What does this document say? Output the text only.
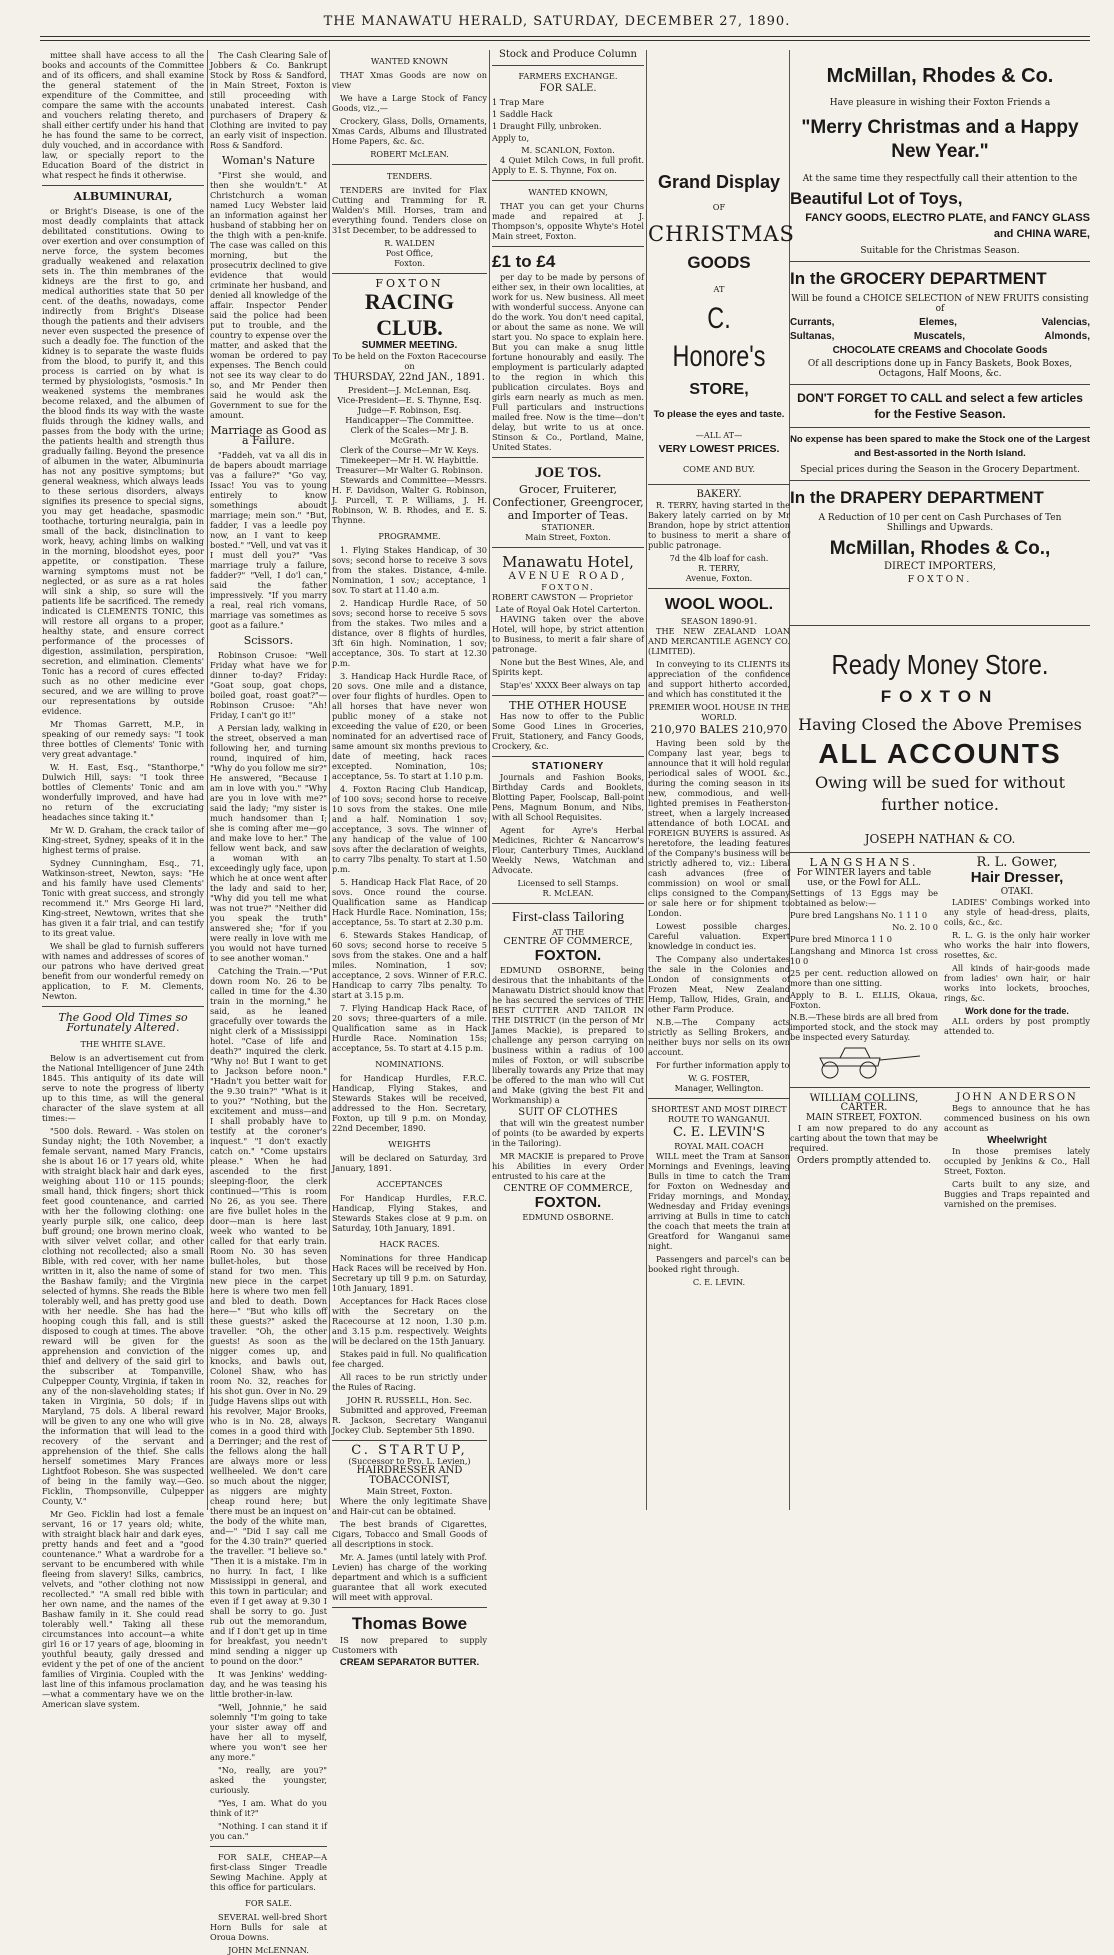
THE MANAWATU HERALD, SATURDAY, DECEMBER 27, 1890.

mittee shall have access to all the books and accounts of the Committee and of its officers, and shall examine the general statement of the expenditure of the Committee, and compare the same with the accounts and vouchers relating thereto, and shall either certify under his hand that he has found the same to be correct, duly vouched, and in accordance with law, or specially report to the Education Board of the district in what respect he finds it otherwise.

ALBUMINURAI,

or Bright's Disease, is one of the most deadly complaints that attack debilitated constitutions. Owing to over exertion and over consumption of nerve force, the system becomes gradually weakened and relaxation sets in. The thin membranes of the kidneys are the first to go, and medical authorities state that 50 per cent. of the deaths, nowadays, come indirectly from Bright's Disease though the patients and their advisers never even suspected the presence of such a deadly foe. The function of the kidney is to separate the waste fluids from the blood, to purify it, and this process is carried on by what is termed by physiologists, "osmosis." In weakened systems the membranes become relaxed, and the albumen of the blood finds its way with the waste fluids through the kidney walls, and passes from the body with the urine; the patients health and strength thus gradually failing. Beyond the presence of albumen in the water, Albuminuria has not any positive symptoms; but general weakness, which always leads to these serious disorders, always signifies its presence to special signs, you may get headache, spasmodic toothache, torturing neuralgia, pain in small of the back, disinclination to work, heavy, aching limbs on walking in the morning, bloodshot eyes, poor appetite, or constipation. These warning symptoms must not be neglected, or as sure as a rat holes will sink a ship, so sure will the patients life be sacrificed. The remedy indicated is CLEMENTS TONIC, this will restore all organs to a proper, healthy state, and ensure correct performance of the processes of digestion, assimilation, perspiration, secretion, and elimination. Clements' Tonic has a record of cures effected such as no other medicine ever secured, and we are willing to prove our representations by outside evidence.

Mr Thomas Garrett, M.P., in speaking of our remedy says: "I took three bottles of Clements' Tonic with very great advantage."

W. H. East, Esq., "Stanthorpe," Dulwich Hill, says: "I took three bottles of Clements' Tonic and am wonderfully improved, and have had no return of the excruciating headaches since taking it."

Mr W. D. Graham, the crack tailor of King-street, Sydney, speaks of it in the highest terms of praise.

Sydney Cunningham, Esq., 71, Watkinson-street, Newton, says: "He and his family have used Clements' Tonic with great success, and strongly recommend it." Mrs George Hi lard, King-street, Newtown, writes that she has given it a fair trial, and can testify to its great value.

We shall be glad to furnish sufferers with names and addresses of scores of our patrons who have derived great benefit from our wonderful remedy on application, to F. M. Clements, Newton.

The Good Old Times so Fortunately Altered.
THE WHITE SLAVE.

Below is an advertisement cut from the National Intelligencer of June 24th 1845. This antiquity of its date will serve to note the progress of liberty up to this time, as will the general character of the slave system at all times:—

"500 dols. Reward. - Was stolen on Sunday night; the 10th November, a female servant, named Mary Francis, she is about 16 or 17 years old, white with straight black hair and dark eyes, weighing about 110 or 115 pounds; small hand, thick fingers; short thick feet good countenance, and carried with her the following clothing: one yearly purple silk, one calico, deep buff ground; one brown merino cloak, with silver velvet collar, and other clothing not recollected; also a small Bible, with red cover, with her name written in it, also the name of some of the Bashaw family; and the Virginia selected of hymns. She reads the Bible tolerably well, and has pretty good use with her needle. She has had the hooping cough this fall, and is still disposed to cough at times. The above reward will be given for the apprehension and conviction of the thief and delivery of the said girl to the subscriber at Tompanville, Culpepper County, Virginia, if taken in any of the non-slaveholding states; if taken in Virginia, 50 dols; if in Maryland, 75 dols. A liberal reward will be given to any one who will give the information that will lead to the recovery of the servant and apprehension of the thief. She calls herself sometimes Mary Frances Lightfoot Robeson. She was suspected of being in the family way.—Geo. Ficklin, Thompsonville, Culpepper County, V."

Mr Geo. Ficklin had lost a female servant, 16 or 17 years old; white, with straight black hair and dark eyes, pretty hands and feet and a "good countenance." What a wardrobe for a servant to be encumbered with while fleeing from slavery! Silks, cambrics, velvets, and "other clothing not now recollected." "A small red bible with her own name, and the names of the Bashaw family in it. She could read tolerably well." Taking all these circumstances into account—a white girl 16 or 17 years of age, blooming in youthful beauty, gaily dressed and evident y the pet of one of the ancient families of Virginia. Coupled with the last line of this infamous proclamation—what a commentary have we on the American slave system.

The Cash Clearing Sale of Jobbers & Co. Bankrupt Stock by Ross & Sandford, in Main Street, Foxton is still proceeding with unabated interest. Cash purchasers of Drapery & Clothing are invited to pay an early visit of inspection. Ross & Sandford.

Woman's Nature

"First she would, and then she wouldn't." At Christchurch a woman named Lucy Webster laid an information against her husband of stabbing her on the thigh with a pen-knife. The case was called on this morning, but the prosecutrix declined to give evidence that would criminate her husband, and denied all knowledge of the affair. Inspector Pender said the police had been put to trouble, and the country to expense over the matter, and asked that the woman be ordered to pay expenses. The Bench could not see its way clear to do so, and Mr Pender then said he would ask the Government to sue for the amount.

Marriage as Good as a Failure.

"Faddeh, vat va all dis in de bapers aboudt marriage vas a failure?" "Go vay, Issac! You vas to young entirely to know somethings aboudt marriage; mein son." "But, fadder, I vas a leedle poy now, an I vant to keep bosted." "Vell, und vat vas it I must dell you?" "Vas marriage truly a failure, fadder?" "Vell, I do'l can," said the father impressively. "If you marry a real, real rich vomans, marriage vas sometimes as goot as a failure."

Scissors.

Robinson Crusoe: "Well Friday what have we for dinner to-day? Friday: "Goat soup, goat chops, boiled goat, roast goat?"—Robinson Crusoe: "Ah! Friday, I can't go it!"

A Persian lady, walking in the street, observed a man following her, and turning round, inquired of him, "Why do you follow me sir?" He answered, "Because I am in love with you." "Why are you in love with me?" said the lady; "my sister is much handsomer than I; she is coming after me—go and make love to her." The fellow went back, and saw a woman with an exceedingly ugly face, upon which he at once went after the lady and said to her, "Why did you tell me what was not true?" "Neither did you speak the truth" answered she; "for if you were really in love with me you would not have turned to see another woman."

Catching the Train.—"Put down room No. 26 to be called in time for the 4.30 train in the morning," he said, as he leaned gracefully over towards the night clerk of a Mississippi hotel. "Case of life and death?" inquired the clerk. "Why no! But I want to get to Jackson before noon." "Hadn't you better wait for the 9.30 train?" "What is it to you?" "Nothing, but the excitement and muss—and I shall probably have to testify at the coroner's inquest." "I don't exactly catch on." "Come upstairs please." When he had ascended to the first sleeping-floor, the clerk continued—"This is room No 26, as you see. There are five bullet holes in the door—man is here last week who wanted to be called for that early train. Room No. 30 has seven bullet-holes, but those stand for two men. This new piece in the carpet here is where two men fell and bled to death. Down here—" "But who kills off these guests?" asked the traveller. "Oh, the other guests! As soon as the nigger comes up, and knocks, and bawls out, Colonel Shaw, who has room No. 32, reaches for his shot gun. Over in No. 29 Judge Havens slips out with his revolver, Major Brooks, who is in No. 28, always comes in a good third with a Derringer; and the rest of the fellows along the hall are always more or less wellheeled. We don't care so much about the nigger, as niggers are mighty cheap round here; but there must be an inquest on the body of the white man, and—" "Did I say call me for the 4.30 train?" queried the traveller. "I believe so." "Then it is a mistake. I'm in no hurry. In fact, I like Mississippi in general, and this town in particular; and even if I get away at 9.30 I shall be sorry to go. Just rub out the memorandum, and if I don't get up in time for breakfast, you needn't mind sending a nigger up to pound on the door."

It was Jenkins' wedding-day, and he was teasing his little brother-in-law.

"Well, Johnnie," he said solemnly "I'm going to take your sister away off and have her all to myself, where you won't see her any more."

"No, really, are you?" asked the youngster, curiously.

"Yes, I am. What do you think of it?"

"Nothing. I can stand it if you can."

FOR SALE, CHEAP—A first-class Singer Treadle Sewing Machine. Apply at this office for particulars.

FOR SALE.

SEVERAL well-bred Short Horn Bulls for sale at Oroua Downs.

JOHN McLENNAN.
WANTED KNOWN

THAT Xmas Goods are now on view

We have a Large Stock of Fancy Goods, viz.,—

Crockery, Glass, Dolls, Ornaments, Xmas Cards, Albums and Illustrated Home Papers, &c. &c.

ROBERT McLEAN.
TENDERS.

TENDERS are invited for Flax Cutting and Tramming for R. Walden's Mill. Horses, tram and everything found. Tenders close on 31st December, to be addressed to

R. WALDEN
Post Office,
Foxton.
FOXTON
RACING CLUB.
SUMMER MEETING.
To be held on the Foxton Racecourse on
THURSDAY, 22nd JAN., 1891.
President—J. McLennan, Esq.
Vice-President—E. S. Thynne, Esq.
Judge—F. Robinson, Esq.
Handicapper—The Committee.
Clerk of the Scales—Mr J. B. McGrath.
Clerk of the Course—Mr W. Keys.
Timekeeper—Mr H. W. Haybittle.
Treasurer—Mr Walter G. Robinson.

Stewards and Committee—Messrs. H. F. Davidson, Walter G. Robinson, J. Purcell, T. P. Williams, J. H. Robinson, W. B. Rhodes, and E. S. Thynne.

PROGRAMME.

1. Flying Stakes Handicap, of 30 sovs; second horse to receive 3 sovs from the stakes. Distance, 4-mile. Nomination, 1 sov.; acceptance, 1 sov. To start at 11.40 a.m.

2. Handicap Hurdle Race, of 50 sovs; second horse to receive 5 sovs from the stakes. Two miles and a distance, over 8 flights of hurdles, 3ft 6in high. Nomination, 1 sov; acceptance, 30s. To start at 12.30 p.m.

3. Handicap Hack Hurdle Race, of 20 sovs. One mile and a distance, over four flights of hurdles. Open to all horses that have never won public money of a stake not exceeding the value of £20, or been nominated for an advertised race of same amount six months previous to date of meeting, hack races excepted. Nomination, 10s; acceptance, 5s. To start at 1.10 p.m.

4. Foxton Racing Club Handicap, of 100 sovs; second horse to receive 10 sovs from the stakes. One mile and a half. Nomination 1 sov; acceptance, 3 sovs. The winner of any handicap of the value of 100 sovs after the declaration of weights, to carry 7lbs penalty. To start at 1.50 p.m.

5. Handicap Hack Flat Race, of 20 sovs. Once round the course. Qualification same as Handicap Hack Hurdle Race. Nomination, 15s; acceptance, 5s. To start at 2.30 p.m.

6. Stewards Stakes Handicap, of 60 sovs; second horse to receive 5 sovs from the stakes. One and a half miles. Nomination, 1 sov; acceptance, 2 sovs. Winner of F.R.C. Handicap to carry 7lbs penalty. To start at 3.15 p.m.

7. Flying Handicap Hack Race, of 20 sovs; three-quarters of a mile. Qualification same as in Hack Hurdle Race. Nomination 15s; acceptance, 5s. To start at 4.15 p.m.

NOMINATIONS.

for Handicap Hurdles, F.R.C. Handicap, Flying Stakes, and Stewards Stakes will be received, addressed to the Hon. Secretary, Foxton, up till 9 p.m. on Monday, 22nd December, 1890.

WEIGHTS

will be declared on Saturday, 3rd January, 1891.

ACCEPTANCES

For Handicap Hurdles, F.R.C. Handicap, Flying Stakes, and Stewards Stakes close at 9 p.m. on Saturday, 10th January, 1891.

HACK RACES.

Nominations for three Handicap Hack Races will be received by Hon. Secretary up till 9 p.m. on Saturday, 10th January, 1891.

Acceptances for Hack Races close with the Secretary on the Racecourse at 12 noon, 1.30 p.m. and 3.15 p.m. respectively. Weights will be declared on the 15th January.

Stakes paid in full. No qualification fee charged.

All races to be run strictly under the Rules of Racing.

JOHN R. RUSSELL, Hon. Sec.

Submitted and approved, Freeman R. Jackson, Secretary Wanganui Jockey Club. September 5th 1890.

C. STARTUP,
(Successor to Pro. L. Levien,)
HAIRDRESSER AND TOBACCONIST,
Main Street, Foxton.

Where the only legitimate Shave and Hair-cut can be obtained.

The best brands of Cigarettes, Cigars, Tobacco and Small Goods of all descriptions in stock.

Mr. A. James (until lately with Prof. Levien) has charge of the working department and which is a sufficient guarantee that all work executed will meet with approval.

Thomas Bowe

IS now prepared to supply Customers with

CREAM SEPARATOR BUTTER.
Stock and Produce Column
FARMERS EXCHANGE.
FOR SALE.
1 Trap Mare
1 Saddle Hack
1 Draught Filly, unbroken.
Apply to,
M. SCANLON, Foxton.

4 Quiet Milch Cows, in full profit. Apply to E. S. Thynne, Fox on.

WANTED KNOWN,

THAT you can get your Churns made and repaired at J. Thompson's, opposite Whyte's Hotel Main street, Foxton.

£1 to £4

per day to be made by persons of either sex, in their own localities, at work for us. New business. All meet with wonderful success. Anyone can do the work. You don't need capital, or about the same as none. We will start you. No space to explain here. But you can make a snug little fortune honourably and easily. The employment is particularly adapted to the region in which this publication circulates. Boys and girls earn nearly as much as men. Full particulars and instructions mailed free. Now is the time—don't delay, but write to us at once. Stinson & Co., Portland, Maine, United States.

JOE TOS.
Grocer, Fruiterer, Confectioner, Greengrocer, and Importer of Teas.
STATIONER.
Main Street, Foxton.
Manawatu Hotel,
AVENUE ROAD,
FOXTON.
ROBERT CAWSTON — Proprietor
Late of Royal Oak Hotel Carterton.

HAVING taken over the above Hotel, will hope, by strict attention to Business, to merit a fair share of patronage.

None but the Best Wines, Ale, and Spirits kept.

Stap'es' XXXX Beer always on tap

THE OTHER HOUSE

Has now to offer to the Public Some Good Lines in Groceries, Fruit, Stationery, and Fancy Goods, Crockery, &c.

STATIONERY

Journals and Fashion Books, Birthday Cards and Booklets, Blotting Paper, Foolscap, Ball-point Pens, Magnum Bonum, and Nibs, with all School Requisites.

Agent for Ayre's Herbal Medicines, Richter & Nancarrow's Flour, Canterbury Times, Auckland Weekly News, Watchman and Advocate.

Licensed to sell Stamps.
R. McLEAN.
First-class Tailoring
AT THE
CENTRE OF COMMERCE,
FOXTON.

EDMUND OSBORNE, being desirous that the inhabitants of the Manawatu District should know that he has secured the services of THE BEST CUTTER AND TAILOR IN THE DISTRICT (in the person of Mr James Mackie), is prepared to challenge any person carrying on business within a radius of 100 miles of Foxton, or will subscribe liberally towards any Prize that may be offered to the man who will Cut and Make (giving the best Fit and Workmanship) a

SUIT OF CLOTHES

that will win the greatest number of points (to be awarded by experts in the Tailoring).

MR MACKIE is prepared to Prove his Abilities in every Order entrusted to his care at the

CENTRE OF COMMERCE,
FOXTON.
EDMUND OSBORNE.
Grand Display
OF
CHRISTMAS
GOODS
AT
C. Honore's
STORE,
To please the eyes and taste.
—ALL AT—
VERY LOWEST PRICES.
COME AND BUY.
BAKERY.

R. TERRY, having started in the Bakery lately carried on by Mr Brandon, hope by strict attention to business to merit a share of public patronage.

7d the 4lb loaf for cash.
R. TERRY,
Avenue, Foxton.
WOOL WOOL.
SEASON 1890-91.

THE NEW ZEALAND LOAN AND MERCANTILE AGENCY CO. (LIMITED).

In conveying to its CLIENTS its appreciation of the confidence and support hitherto accorded, and which has constituted it the

PREMIER WOOL HOUSE IN THE WORLD.
210,970 BALES 210,970

Having been sold by the Company last year, begs to announce that it will hold regular periodical sales of WOOL &c., during the coming season in its new, commodious, and well-lighted premises in Featherston-street, when a largely increased attendance of both LOCAL and FOREIGN BUYERS is assured. As heretofore, the leading features of the Company's business will be strictly adhered to, viz.: Liberal cash advances (free of commission) on wool or small clips consigned to the Company or sale here or for shipment to London.

Lowest possible charges. Careful valuation. Expert knowledge in conduct ies.

The Company also undertakes the sale in the Colonies and London of consignments of Frozen Meat, New Zealand Hemp, Tallow, Hides, Grain, and other Farm Produce.

N.B.—The Company acts strictly as Selling Brokers, and neither buys nor sells on its own account.

For further information apply to

W. G. FOSTER,
Manager, Wellington.
SHORTEST AND MOST DIRECT ROUTE TO WANGANUI.
C. E. LEVIN'S
ROYAL MAIL COACH

WILL meet the Tram at Sanson Mornings and Evenings, leaving Bulls in time to catch the Tram for Foxton on Wednesday and Friday mornings, and Monday, Wednesday and Friday evenings arriving at Bulls in time to catch the coach that meets the train at Greatford for Wanganui same night.

Passengers and parcel's can be booked right through.

C. E. LEVIN.
McMillan, Rhodes & Co.
Have pleasure in wishing their Foxton Friends a
"Merry Christmas and a Happy New Year."
At the same time they respectfully call their attention to the
Beautiful Lot of Toys,
FANCY GOODS, ELECTRO PLATE, and FANCY GLASS and CHINA WARE,
Suitable for the Christmas Season.
In the GROCERY DEPARTMENT
Will be found a CHOICE SELECTION of NEW FRUITS consisting of
Currants,	Elemes,	Valencias,
Sultanas,	Muscatels,	Almonds,
CHOCOLATE CREAMS and Chocolate Goods
Of all descriptions done up in Fancy Baskets, Book Boxes, Octagons, Half Moons, &c.
DON'T FORGET TO CALL and select a few articles for the Festive Season.
No expense has been spared to make the Stock one of the Largest and Best-assorted in the North Island.
Special prices during the Season in the Grocery Department.
In the DRAPERY DEPARTMENT
A Reduction of 10 per cent on Cash Purchases of Ten Shillings and Upwards.
McMillan, Rhodes & Co.,
DIRECT IMPORTERS,
FOXTON.
Ready Money Store.
FOXTON
Having Closed the Above Premises
ALL ACCOUNTS
Owing will be sued for without further notice.
JOSEPH NATHAN & CO.
LANGSHANS.
For WINTER layers and table use, or the Fowl for ALL.
Settings of 13 Eggs may be obtained as below:—
Pure bred Langshans No. 1 1 1 0
No. 2. 10 0
Pure bred Minorca 1 1 0
Langshang and Minorca 1st cross 10 0
25 per cent. reduction allowed on more than one sitting.
Apply to B. L. ELLIS, Okaua, Foxton.
N.B.—These birds are all bred from imported stock, and the stock may be inspected every Saturday.
R. L. Gower,
Hair Dresser,
OTAKI.

LADIES' Combings worked into any style of head-dress, plaits, coils, &c., &c.

R. L. G. is the only hair worker who works the hair into flowers, rosettes, &c.

All kinds of hair-goods made from ladies' own hair, or hair works into lockets, brooches, rings, &c.

Work done for the trade.

ALL orders by post promptly attended to.

WILLIAM COLLINS,
CARTER.
MAIN STREET, FOXTON.

I am now prepared to do any carting about the town that may be required.

Orders promptly attended to.
JOHN ANDERSON

Begs to announce that he has commenced business on his own account as

Wheelwright

In those premises lately occupied by Jenkins & Co., Hall Street, Foxton.

Carts built to any size, and Buggies and Traps repainted and varnished on the premises.
